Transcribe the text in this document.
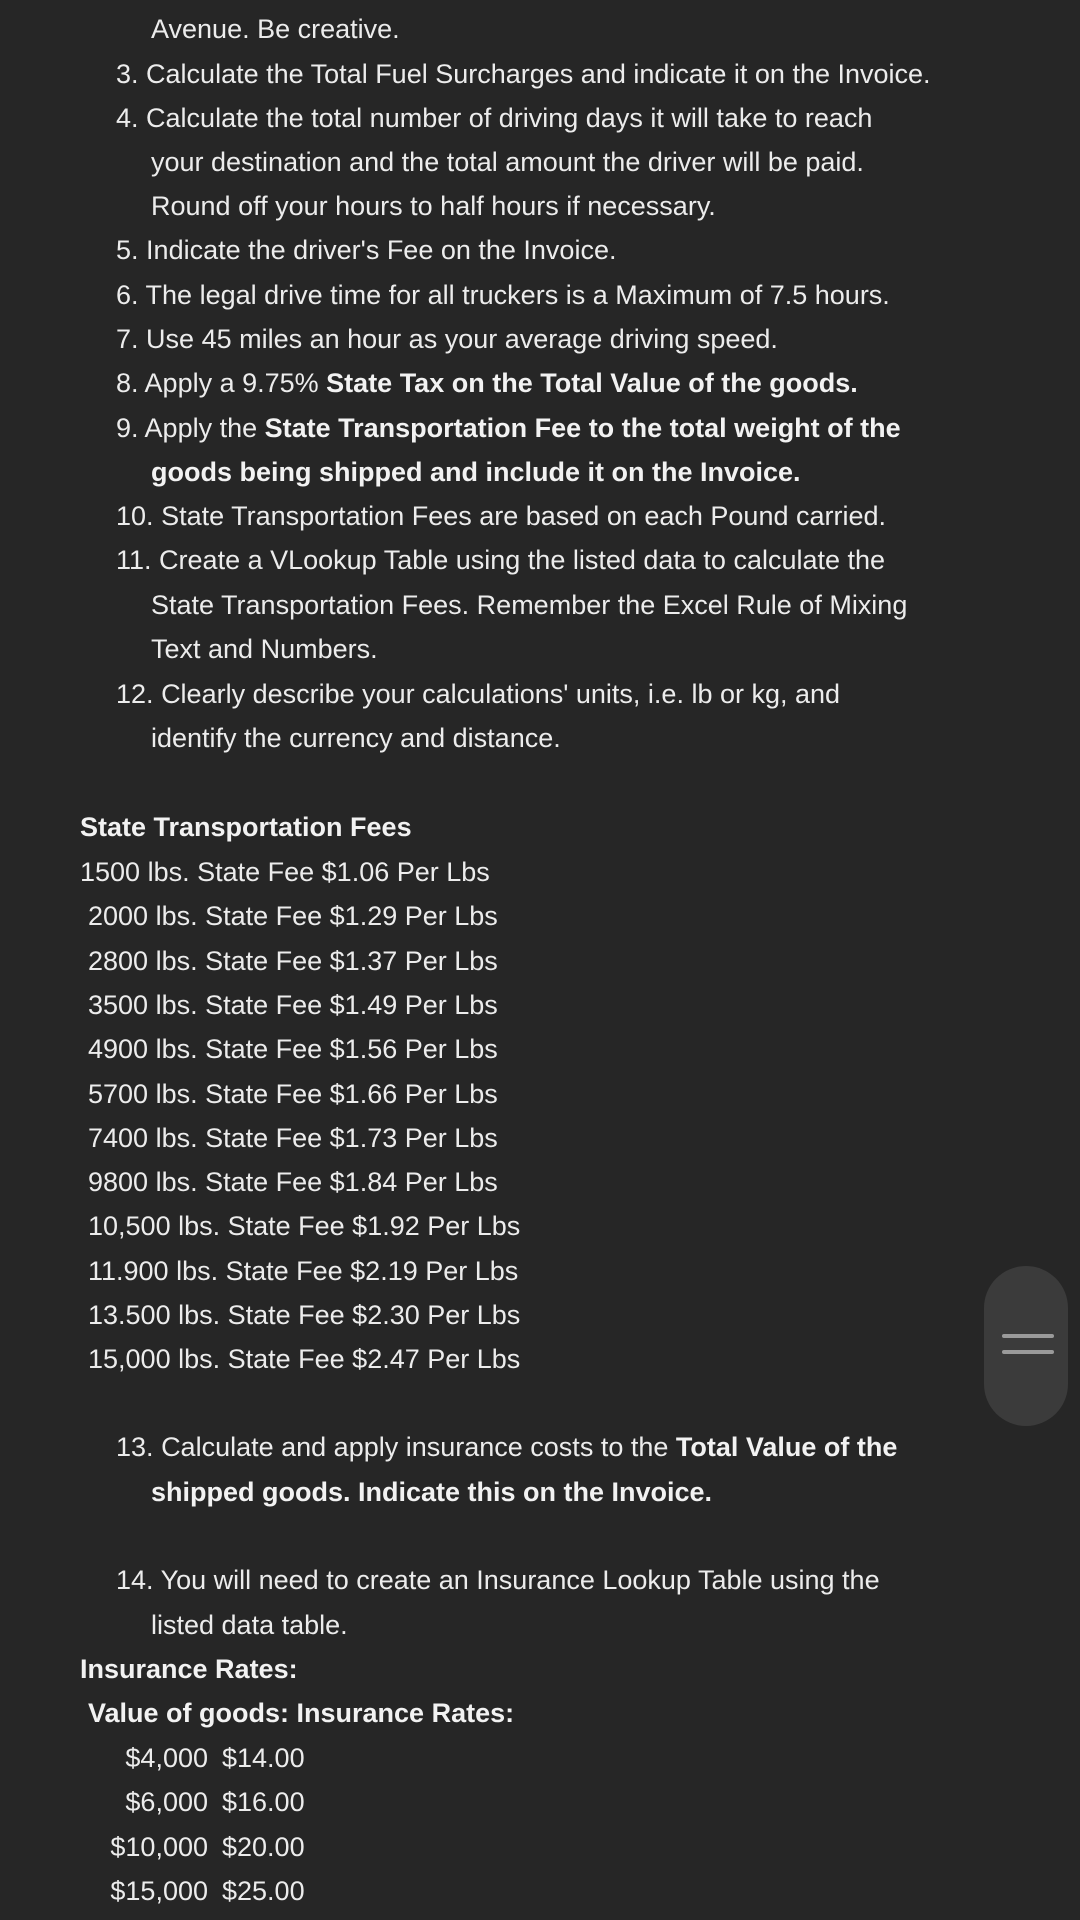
Avenue. Be creative.
3. Calculate the Total Fuel Surcharges and indicate it on the Invoice.
4. Calculate the total number of driving days it will take to reach
your destination and the total amount the driver will be paid.
Round off your hours to half hours if necessary.
5. Indicate the driver's Fee on the Invoice.
6. The legal drive time for all truckers is a Maximum of 7.5 hours.
7. Use 45 miles an hour as your average driving speed.
8. Apply a 9.75% State Tax on the Total Value of the goods.
9. Apply the State Transportation Fee to the total weight of the
goods being shipped and include it on the Invoice.
10. State Transportation Fees are based on each Pound carried.
11. Create a VLookup Table using the listed data to calculate the
State Transportation Fees. Remember the Excel Rule of Mixing
Text and Numbers.
12. Clearly describe your calculations' units, i.e. lb or kg, and
identify the currency and distance.
State Transportation Fees
1500 lbs. State Fee $1.06 Per Lbs
2000 lbs. State Fee $1.29 Per Lbs
2800 lbs. State Fee $1.37 Per Lbs
3500 lbs. State Fee $1.49 Per Lbs
4900 lbs. State Fee $1.56 Per Lbs
5700 lbs. State Fee $1.66 Per Lbs
7400 lbs. State Fee $1.73 Per Lbs
9800 lbs. State Fee $1.84 Per Lbs
10,500 lbs. State Fee $1.92 Per Lbs
11.900 lbs. State Fee $2.19 Per Lbs
13.500 lbs. State Fee $2.30 Per Lbs
15,000 lbs. State Fee $2.47 Per Lbs
13. Calculate and apply insurance costs to the Total Value of the
shipped goods. Indicate this on the Invoice.
14. You will need to create an Insurance Lookup Table using the
listed data table.
Insurance Rates:
Value of goods: Insurance Rates:
$4,000 $14.00
$6,000 $16.00
$10,000 $20.00
$15,000 $25.00
